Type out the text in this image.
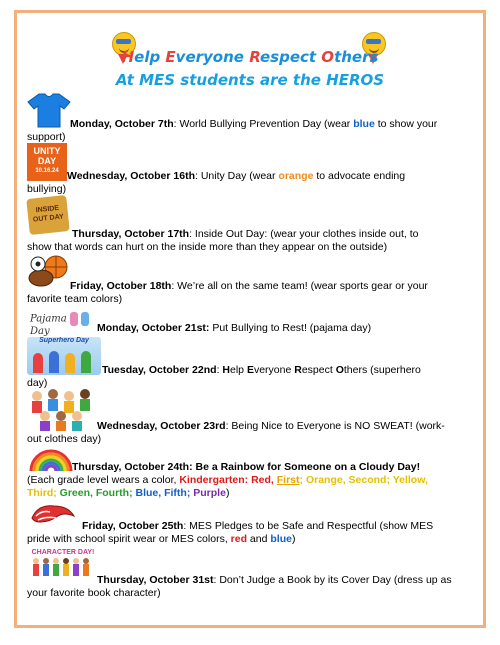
Help Everyone Respect Others
At MES students are the HEROS
Monday, October 7th: World Bullying Prevention Day (wear blue to show your
support)
UNITY
DAY
10.16.24 Wednesday, October 16th: Unity Day (wear orange to advocate ending
bullying)
INSIDE
OUT DAY
Thursday, October 17th: Inside Out Day: (wear your clothes inside out, to
show that words can hurt on the inside more than they appear on the outside)
Friday, October 18th: We’re all on the same team! (wear sports gear or your
favorite team colors)
Pajama   Day	Monday, October 21st: Put Bullying to Rest! (pajama day)
Superhero Day
Tuesday, October 22nd: Help Everyone Respect Others (superhero
day)
Wednesday, October 23rd: Being Nice to Everyone is NO SWEAT! (work-
out clothes day)
Thursday, October 24th: Be a Rainbow for Someone on a Cloudy Day!
(Each grade level wears a color, Kindergarten: Red, First; Orange, Second; Yellow,
Third; Green, Fourth; Blue, Fifth; Purple)
Friday, October 25th: MES Pledges to be Safe and Respectful (show MES
pride with school spirit wear or MES colors, red and blue)
CHARACTER DAY!
Thursday, October 31st: Don’t Judge a Book by its Cover Day (dress up as
your favorite book character)
